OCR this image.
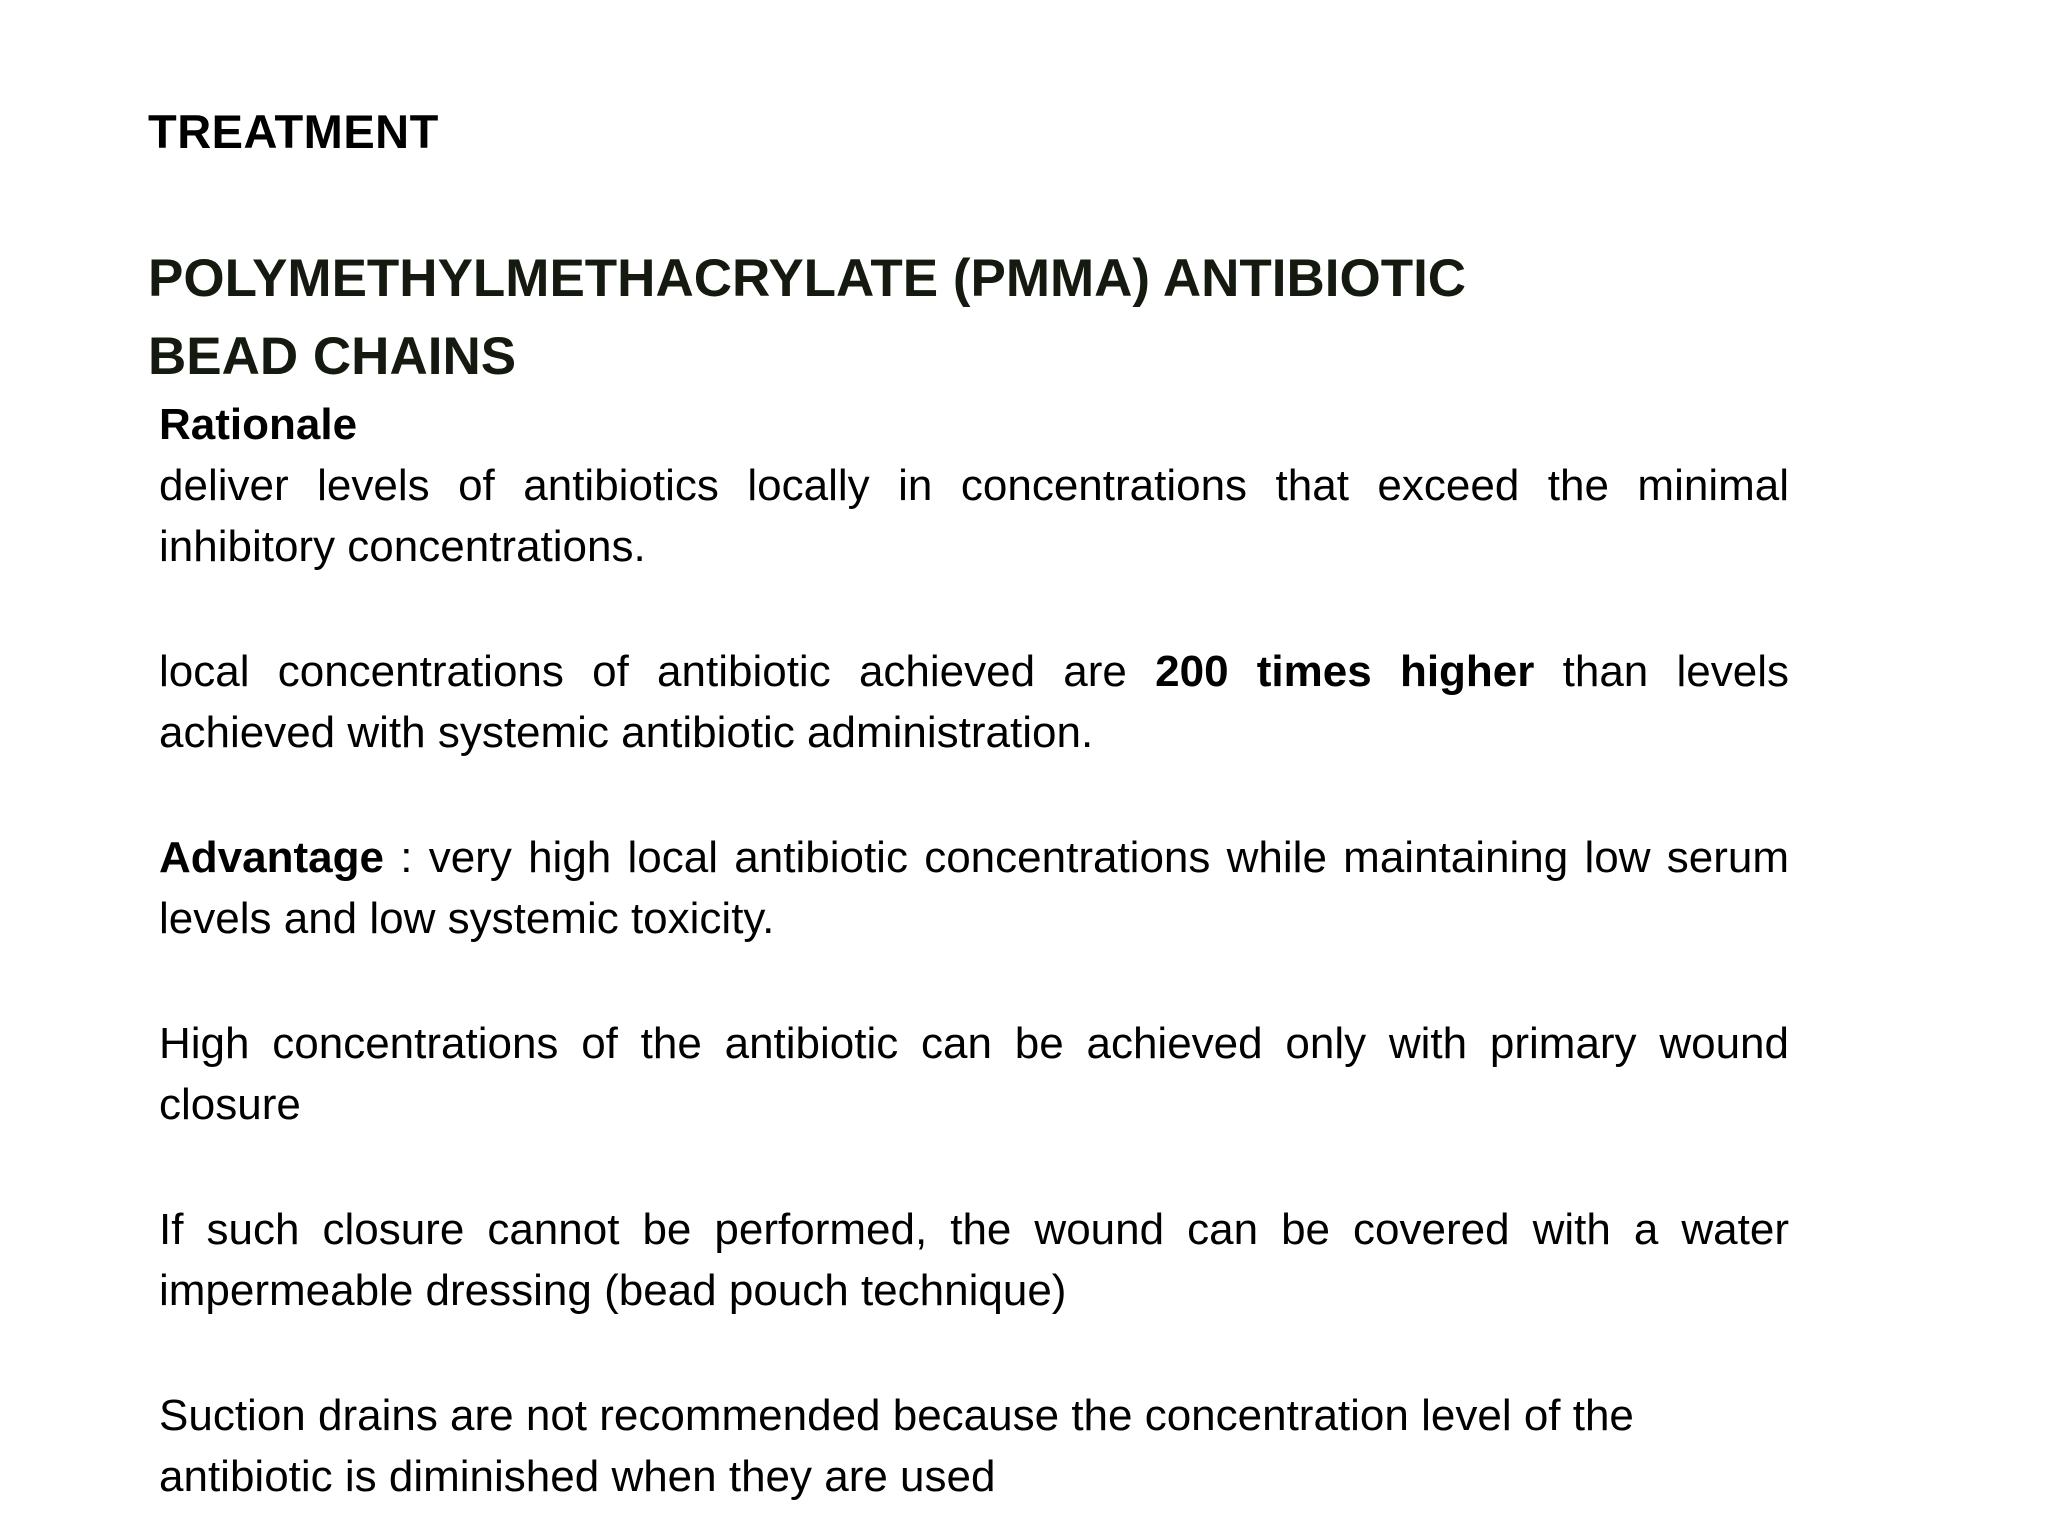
TREATMENT
POLYMETHYLMETHACRYLATE (PMMA) ANTIBIOTIC
BEAD CHAINS

Rationale

deliver levels of antibiotics locally in concentrations that exceed the minimal inhibitory concentrations.

local concentrations of antibiotic achieved are 200 times higher than levels achieved with systemic antibiotic administration.

Advantage : very high local antibiotic concentrations while maintaining low serum levels and low systemic toxicity.

High concentrations of the antibiotic can be achieved only with primary wound closure

If such closure cannot be performed, the wound can be covered with a water impermeable dressing (bead pouch technique)

Suction drains are not recommended because the concentration level of the antibiotic is diminished when they are used
